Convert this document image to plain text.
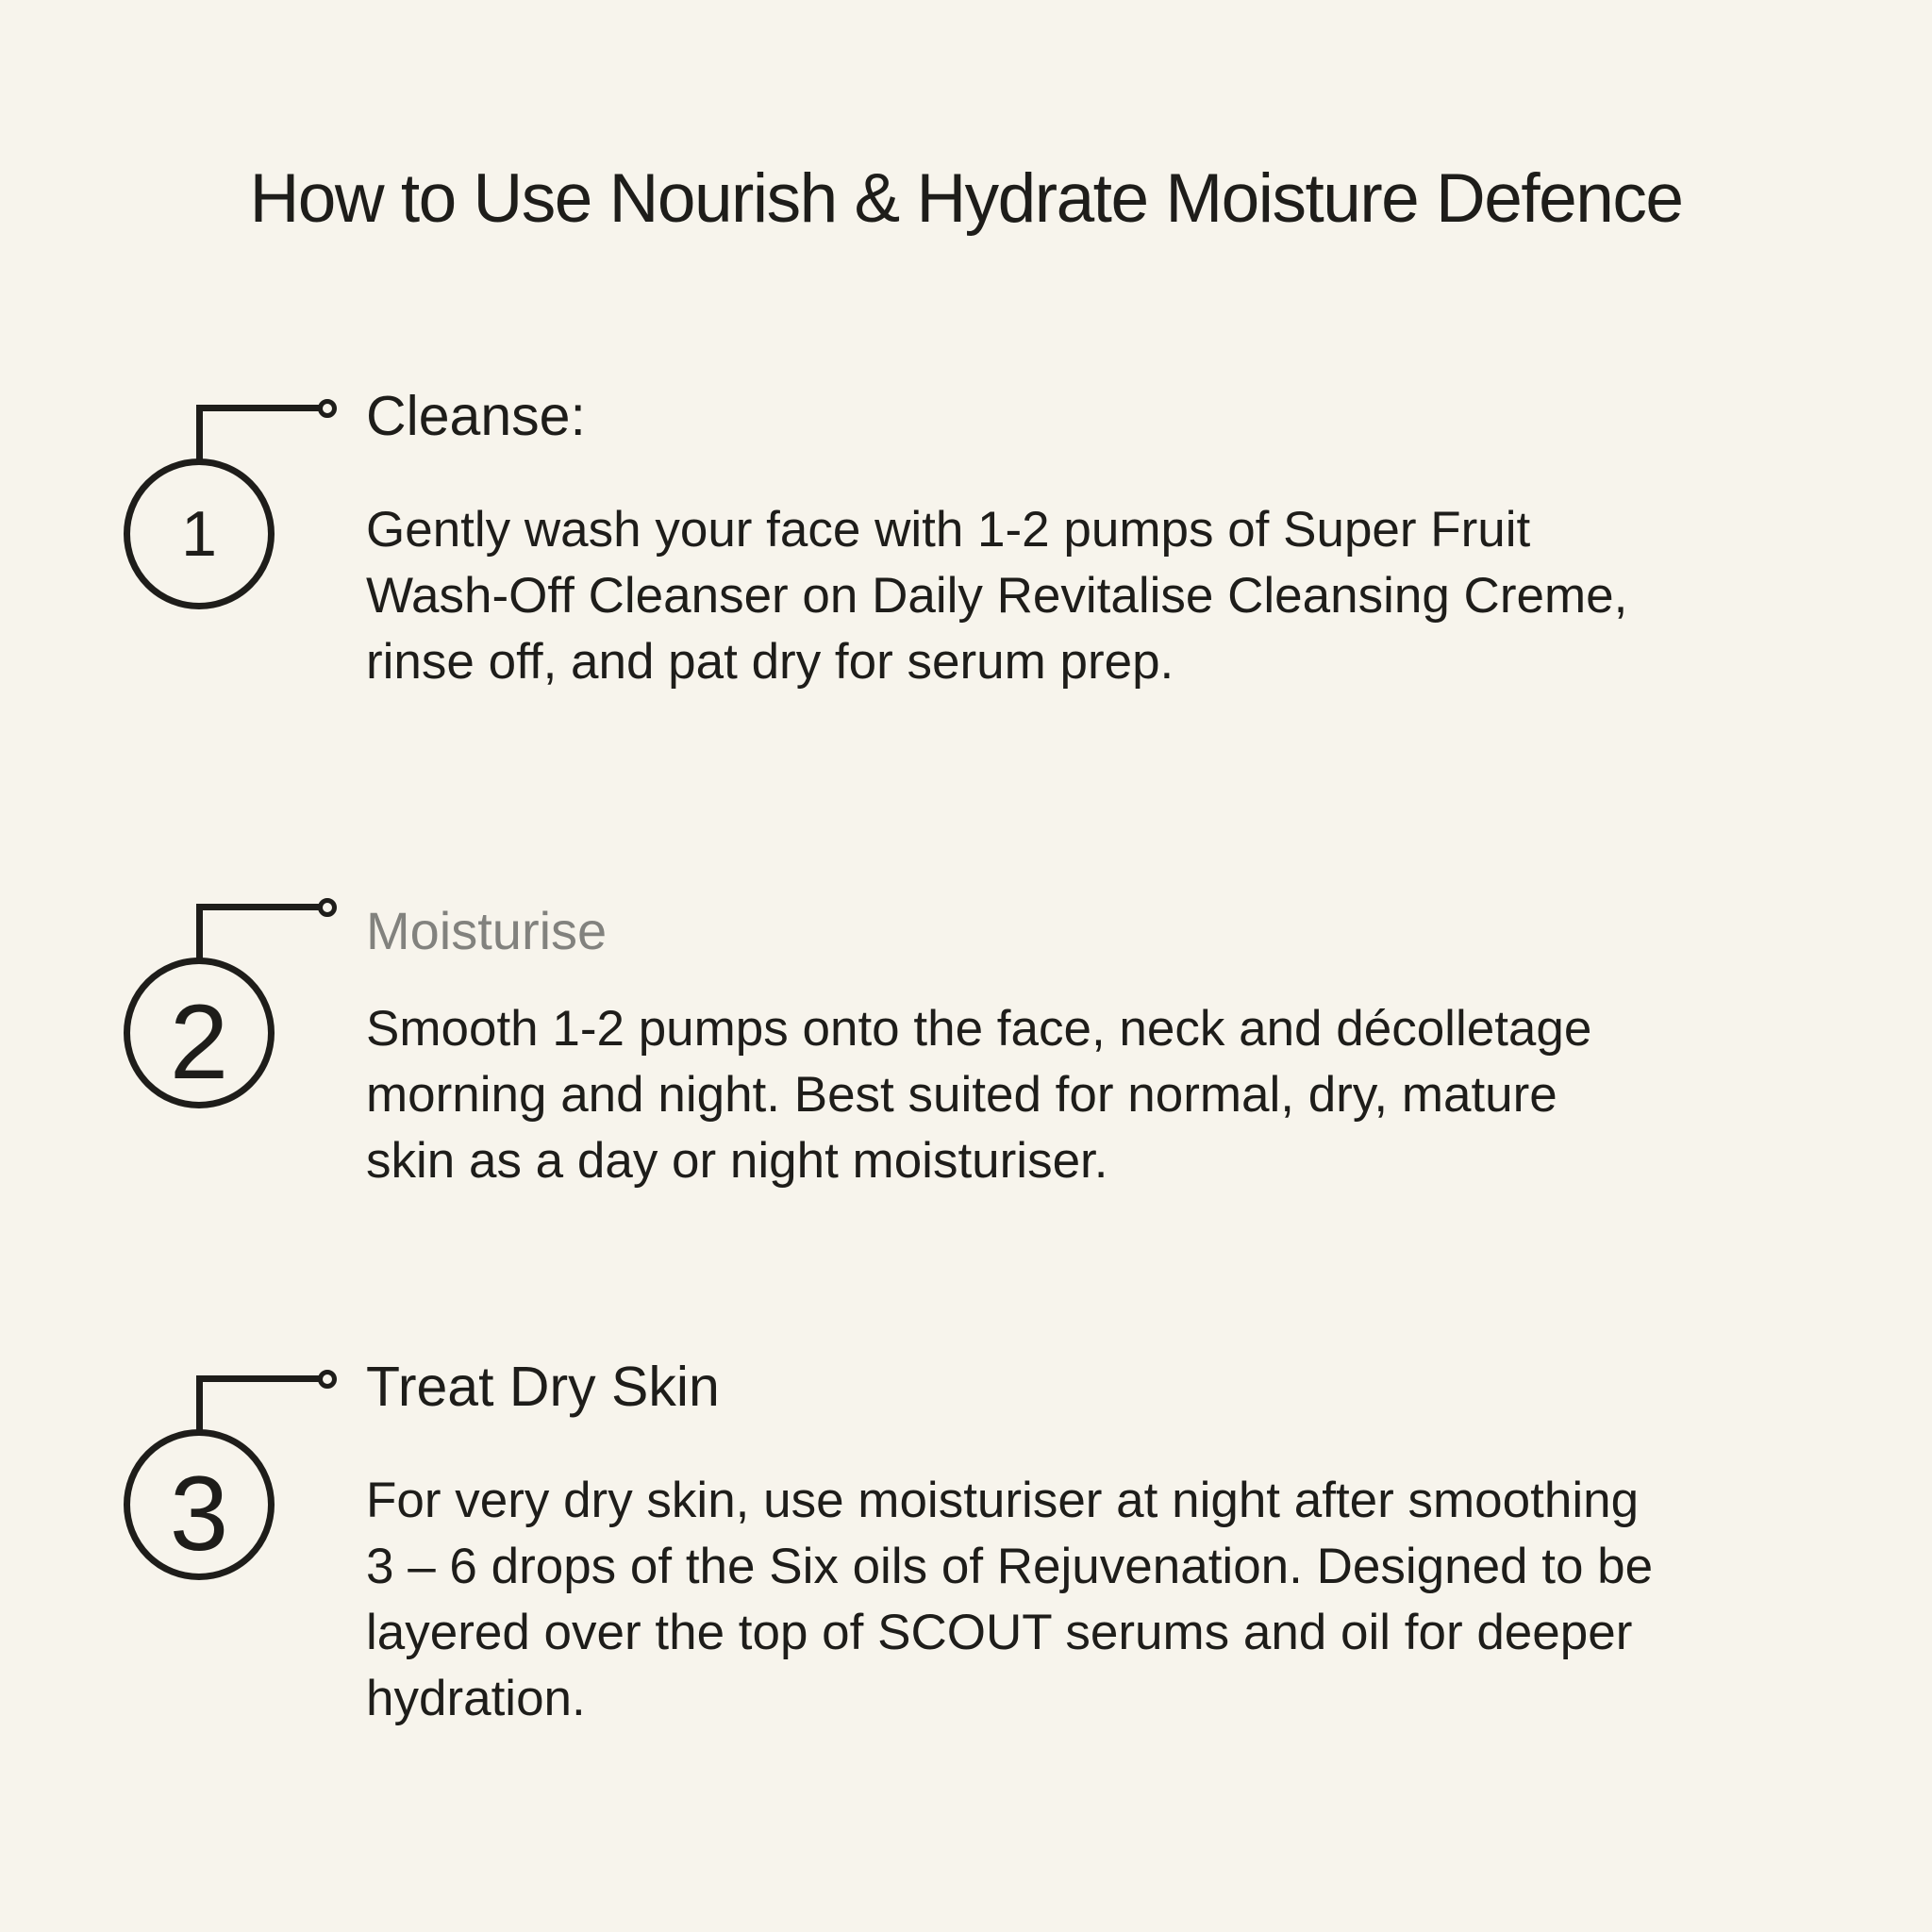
How to Use Nourish & Hydrate Moisture Defence
1
Cleanse:
Gently wash your face with 1-2 pumps of Super Fruit
Wash-Off Cleanser on Daily Revitalise Cleansing Creme,
rinse off, and pat dry for serum prep.
2
Moisturise
Smooth 1-2 pumps onto the face, neck and décolletage
morning and night. Best suited for normal, dry, mature
skin as a day or night moisturiser.
3
Treat Dry Skin
For very dry skin, use moisturiser at night after smoothing
3 – 6 drops of the Six oils of Rejuvenation. Designed to be
layered over the top of SCOUT serums and oil for deeper
hydration.
